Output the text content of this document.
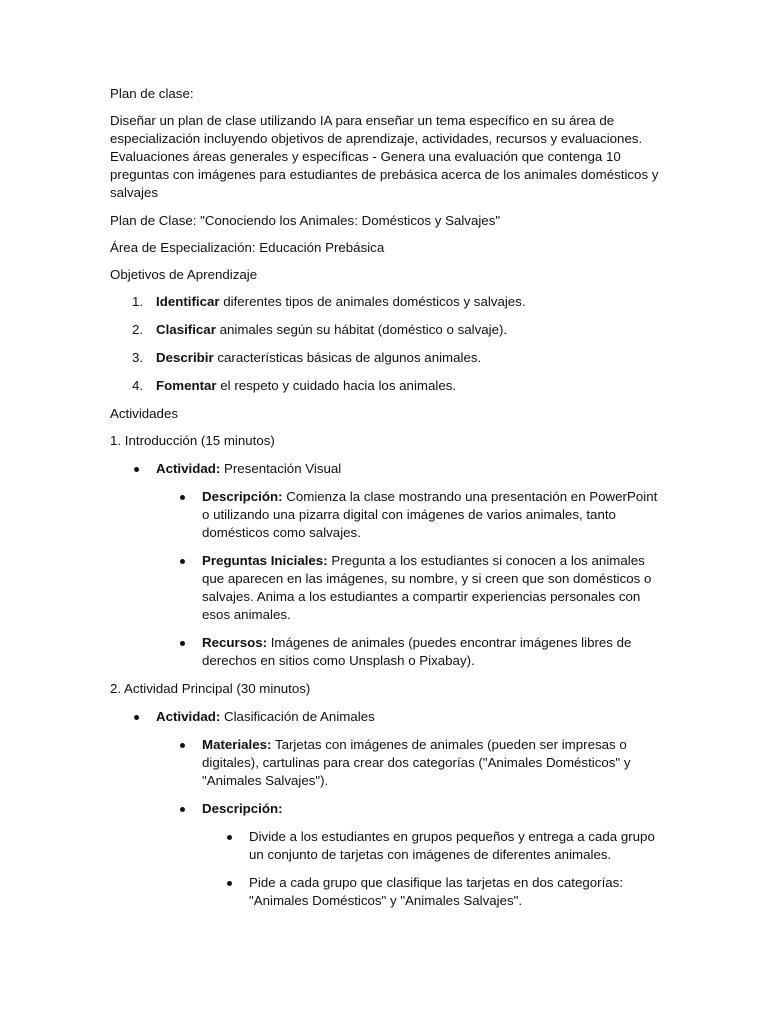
Plan de clase:

Diseñar un plan de clase utilizando IA para enseñar un tema específico en su área de especialización incluyendo objetivos de aprendizaje, actividades, recursos y evaluaciones. Evaluaciones áreas generales y específicas - Genera una evaluación que contenga 10 preguntas con imágenes para estudiantes de prebásica acerca de los animales domésticos y salvajes

Plan de Clase: "Conociendo los Animales: Domésticos y Salvajes"

Área de Especialización: Educación Prebásica

Objetivos de Aprendizaje

1. Identificar diferentes tipos de animales domésticos y salvajes.
2. Clasificar animales según su hábitat (doméstico o salvaje).
3. Describir características básicas de algunos animales.
4. Fomentar el respeto y cuidado hacia los animales.

Actividades

1. Introducción (15 minutos)

Actividad: Presentación Visual
Descripción: Comienza la clase mostrando una presentación en PowerPoint o utilizando una pizarra digital con imágenes de varios animales, tanto domésticos como salvajes.
Preguntas Iniciales: Pregunta a los estudiantes si conocen a los animales que aparecen en las imágenes, su nombre, y si creen que son domésticos o salvajes. Anima a los estudiantes a compartir experiencias personales con esos animales.
Recursos: Imágenes de animales (puedes encontrar imágenes libres de derechos en sitios como Unsplash o Pixabay).

2. Actividad Principal (30 minutos)

Actividad: Clasificación de Animales
Materiales: Tarjetas con imágenes de animales (pueden ser impresas o digitales), cartulinas para crear dos categorías ("Animales Domésticos" y "Animales Salvajes").
Descripción:
Divide a los estudiantes en grupos pequeños y entrega a cada grupo un conjunto de tarjetas con imágenes de diferentes animales.
Pide a cada grupo que clasifique las tarjetas en dos categorías: "Animales Domésticos" y "Animales Salvajes".
